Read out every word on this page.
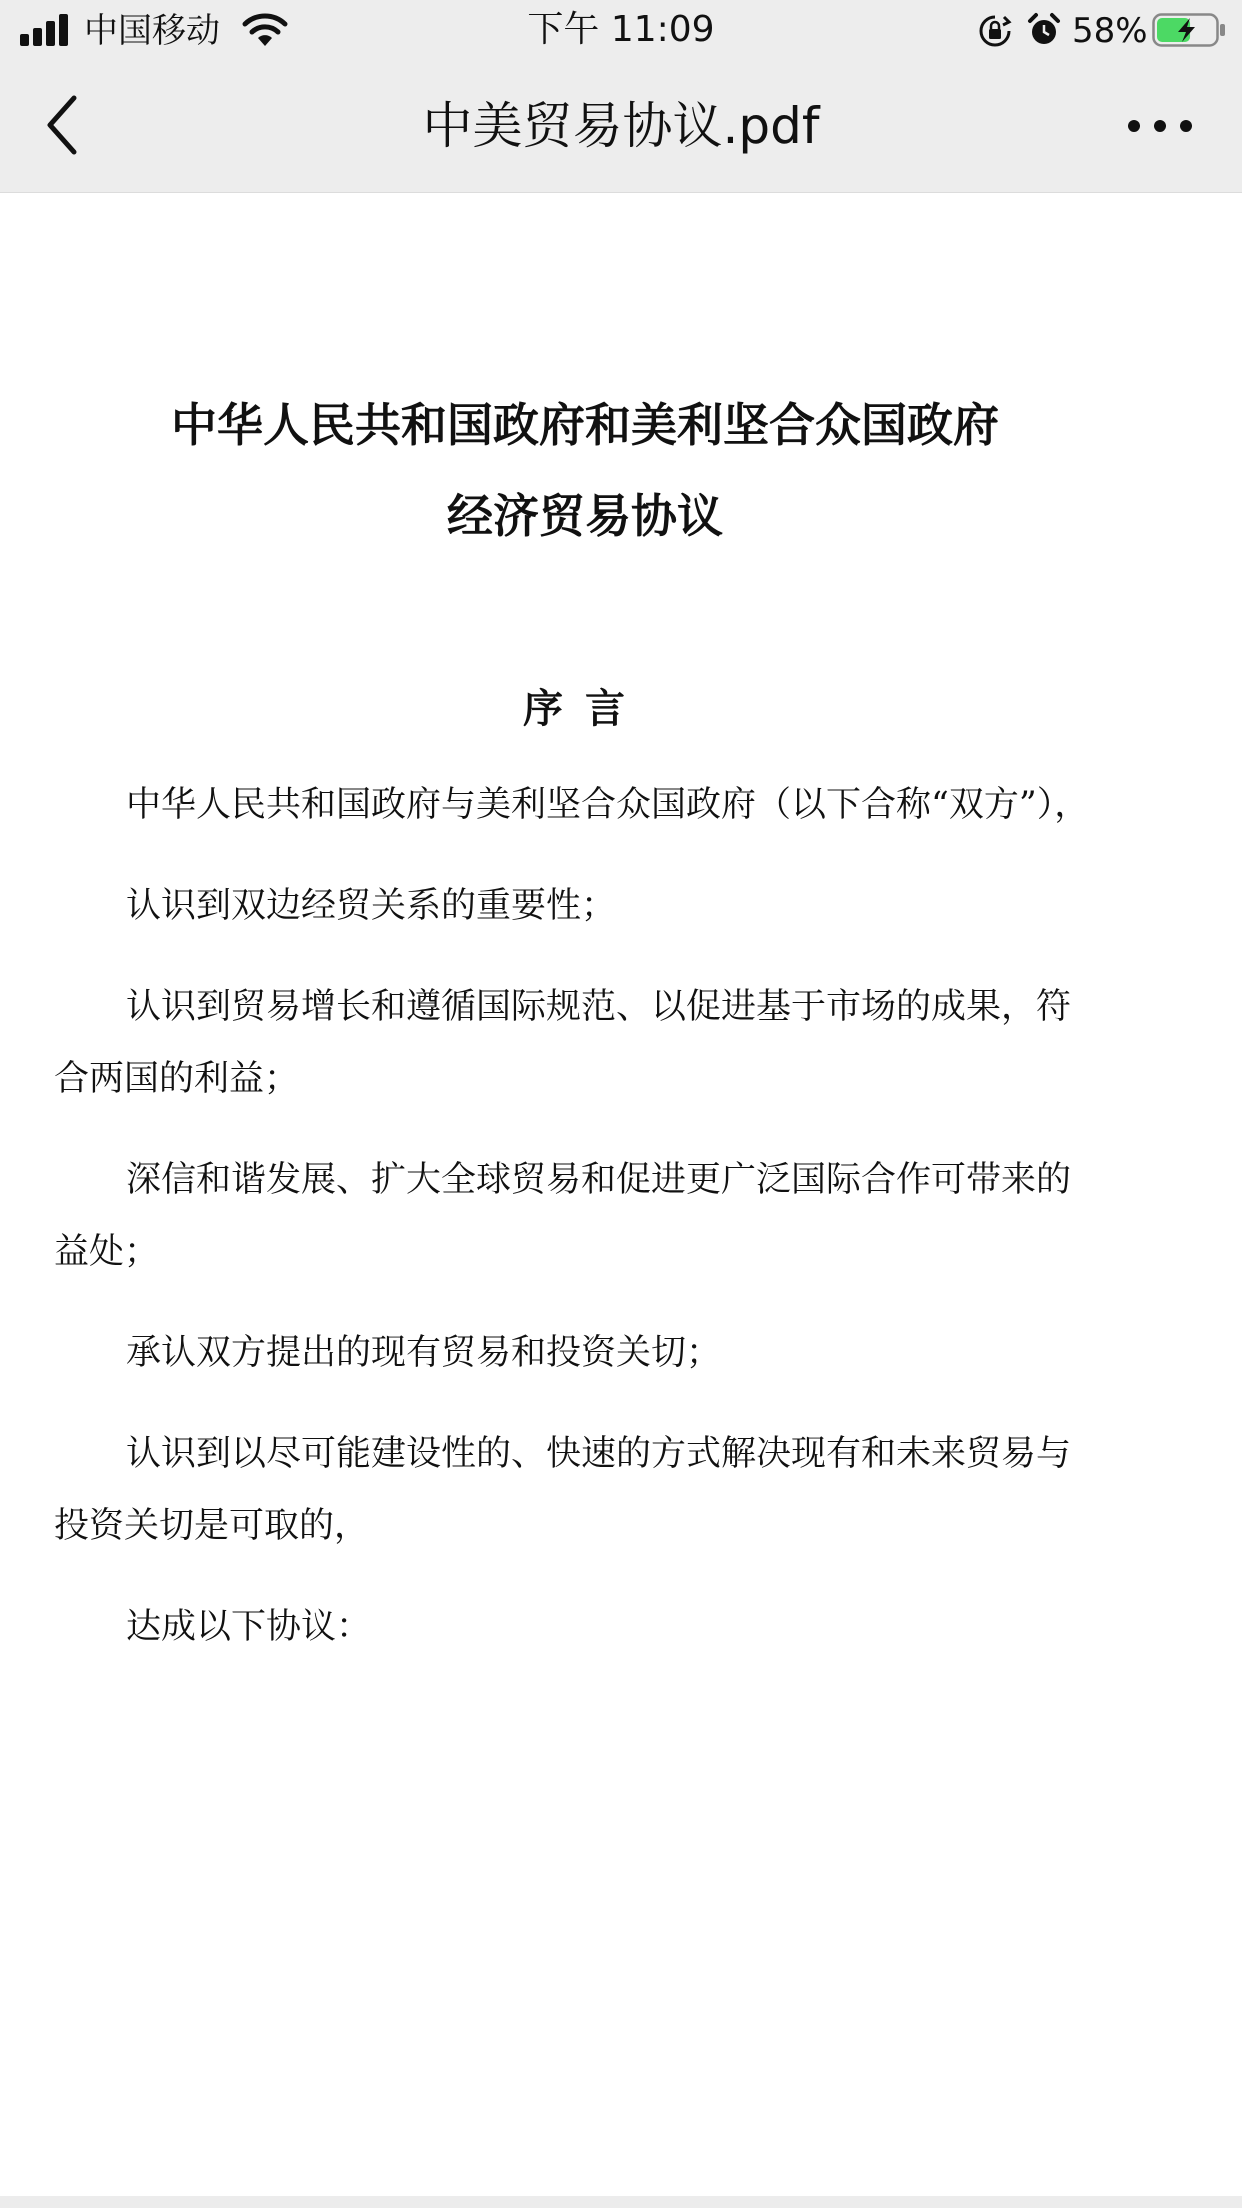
中国移动	下午 11:09	58%
中美贸易协议.pdf
中华人民共和国政府和美利坚合众国政府
经济贸易协议
序言
中华人民共和国政府与美利坚合众国政府（以下合称“双方”），
认识到双边经贸关系的重要性；
认识到贸易增长和遵循国际规范、以促进基于市场的成果，符
合两国的利益；
深信和谐发展、扩大全球贸易和促进更广泛国际合作可带来的
益处；
承认双方提出的现有贸易和投资关切；
认识到以尽可能建设性的、快速的方式解决现有和未来贸易与
投资关切是可取的，
达成以下协议：
